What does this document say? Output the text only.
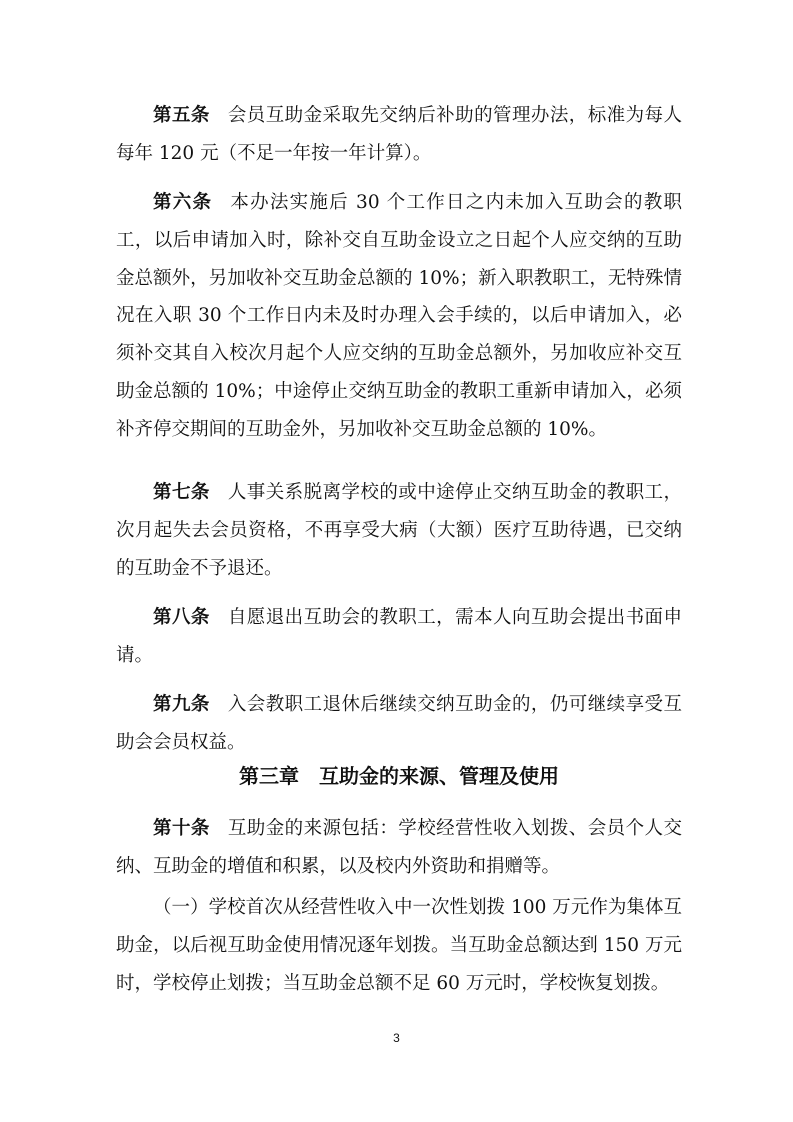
第五条 会员互助金采取先交纳后补助的管理办法，标准为每人每年 120 元（不足一年按一年计算）。

第六条 本办法实施后 30 个工作日之内未加入互助会的教职工，以后申请加入时，除补交自互助金设立之日起个人应交纳的互助金总额外，另加收补交互助金总额的 10%；新入职教职工，无特殊情况在入职 30 个工作日内未及时办理入会手续的，以后申请加入，必须补交其自入校次月起个人应交纳的互助金总额外，另加收应补交互助金总额的 10%；中途停止交纳互助金的教职工重新申请加入，必须补齐停交期间的互助金外，另加收补交互助金总额的 10%。

第七条 人事关系脱离学校的或中途停止交纳互助金的教职工，次月起失去会员资格，不再享受大病（大额）医疗互助待遇，已交纳的互助金不予退还。

第八条 自愿退出互助会的教职工，需本人向互助会提出书面申请。

第九条 入会教职工退休后继续交纳互助金的，仍可继续享受互助会会员权益。

第三章　互助金的来源、管理及使用

第十条 互助金的来源包括：学校经营性收入划拨、会员个人交纳、互助金的增值和积累，以及校内外资助和捐赠等。

（一）学校首次从经营性收入中一次性划拨 100 万元作为集体互助金，以后视互助金使用情况逐年划拨。当互助金总额达到 150 万元时，学校停止划拨；当互助金总额不足 60 万元时，学校恢复划拨。

3
